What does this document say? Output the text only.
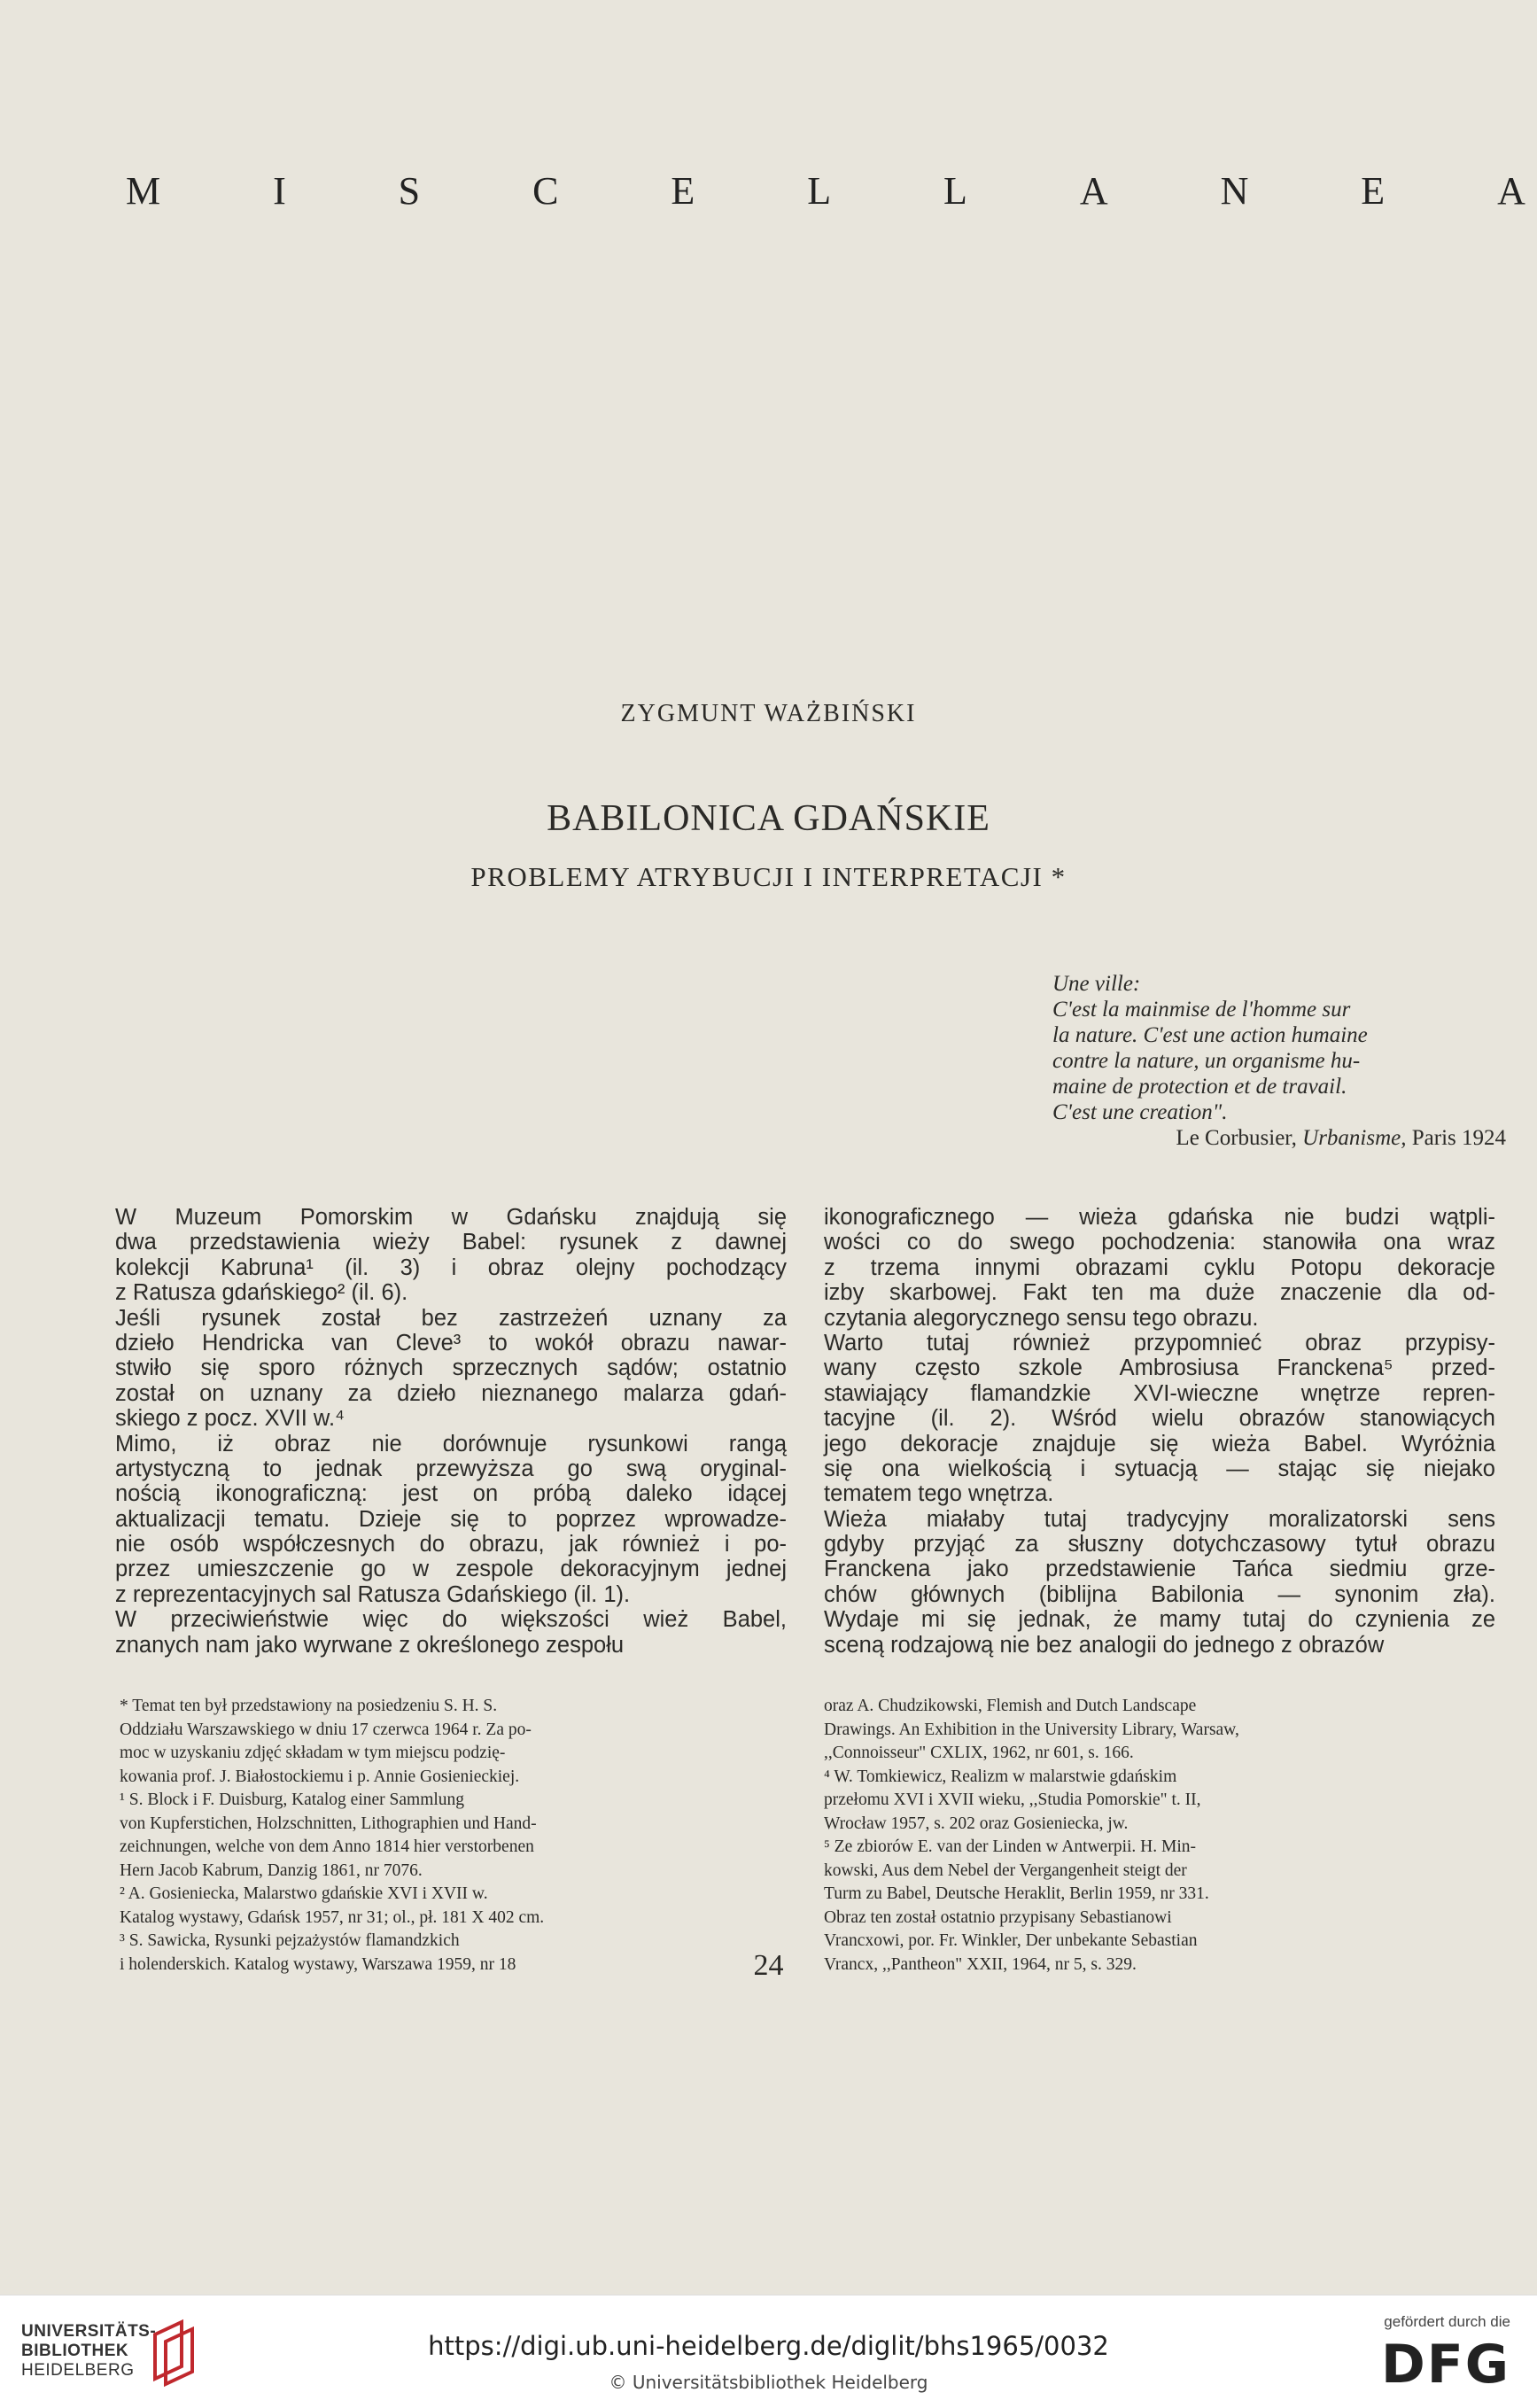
M	I	S	C	E	L	L	A	N	E	A
ZYGMUNT WAŻBIŃSKI
BABILONICA GDAŃSKIE
PROBLEMY ATRYBUCJI I INTERPRETACJI *
Une ville:
C'est la mainmise de l'homme sur
la nature. C'est une action humaine
contre la nature, un organisme hu-
maine de protection et de travail.
C'est une creation".
Le Corbusier, Urbanisme, Paris 1924
W Muzeum Pomorskim w Gdańsku znajdują się
dwa przedstawienia wieży Babel: rysunek z dawnej
kolekcji Kabruna¹ (il. 3) i obraz olejny pochodzący
z Ratusza gdańskiego² (il. 6).
Jeśli rysunek został bez zastrzeżeń uznany za
dzieło Hendricka van Cleve³ to wokół obrazu nawar-
stwiło się sporo różnych sprzecznych sądów; ostatnio
został on uznany za dzieło nieznanego malarza gdań-
skiego z pocz. XVII w.⁴
Mimo, iż obraz nie dorównuje rysunkowi rangą
artystyczną to jednak przewyższa go swą oryginal-
nością ikonograficzną: jest on próbą daleko idącej
aktualizacji tematu. Dzieje się to poprzez wprowadze-
nie osób współczesnych do obrazu, jak również i po-
przez umieszczenie go w zespole dekoracyjnym jednej
z reprezentacyjnych sal Ratusza Gdańskiego (il. 1).
W przeciwieństwie więc do większości wież Babel,
znanych nam jako wyrwane z określonego zespołu
ikonograficznego — wieża gdańska nie budzi wątpli-
wości co do swego pochodzenia: stanowiła ona wraz
z trzema innymi obrazami cyklu Potopu dekoracje
izby skarbowej. Fakt ten ma duże znaczenie dla od-
czytania alegorycznego sensu tego obrazu.
Warto tutaj również przypomnieć obraz przypisy-
wany często szkole Ambrosiusa Franckena⁵ przed-
stawiający flamandzkie XVI-wieczne wnętrze repren-
tacyjne (il. 2). Wśród wielu obrazów stanowiących
jego dekoracje znajduje się wieża Babel. Wyróżnia
się ona wielkością i sytuacją — stając się niejako
tematem tego wnętrza.
Wieża miałaby tutaj tradycyjny moralizatorski sens
gdyby przyjąć za słuszny dotychczasowy tytuł obrazu
Franckena jako przedstawienie Tańca siedmiu grze-
chów głównych (biblijna Babilonia — synonim zła).
Wydaje mi się jednak, że mamy tutaj do czynienia ze
sceną rodzajową nie bez analogii do jednego z obrazów
* Temat ten był przedstawiony na posiedzeniu S. H. S.
Oddziału Warszawskiego w dniu 17 czerwca 1964 r. Za po-
moc w uzyskaniu zdjęć składam w tym miejscu podzię-
kowania prof. J. Białostockiemu i p. Annie Gosienieckiej.
¹ S. Block i F. Duisburg, Katalog einer Sammlung
von Kupferstichen, Holzschnitten, Lithographien und Hand-
zeichnungen, welche von dem Anno 1814 hier verstorbenen
Hern Jacob Kabrum, Danzig 1861, nr 7076.
² A. Gosieniecka, Malarstwo gdańskie XVI i XVII w.
Katalog wystawy, Gdańsk 1957, nr 31; ol., pł. 181 X 402 cm.
³ S. Sawicka, Rysunki pejzażystów flamandzkich
i holenderskich. Katalog wystawy, Warszawa 1959, nr 18
oraz A. Chudzikowski, Flemish and Dutch Landscape
Drawings. An Exhibition in the University Library, Warsaw,
,,Connoisseur" CXLIX, 1962, nr 601, s. 166.
⁴ W. Tomkiewicz, Realizm w malarstwie gdańskim
przełomu XVI i XVII wieku, ,,Studia Pomorskie" t. II,
Wrocław 1957, s. 202 oraz Gosieniecka, jw.
⁵ Ze zbiorów E. van der Linden w Antwerpii. H. Min-
kowski, Aus dem Nebel der Vergangenheit steigt der
Turm zu Babel, Deutsche Heraklit, Berlin 1959, nr 331.
Obraz ten został ostatnio przypisany Sebastianowi
Vrancxowi, por. Fr. Winkler, Der unbekante Sebastian
Vrancx, ,,Pantheon" XXII, 1964, nr 5, s. 329.
24
UNIVERSITÄTS-
BIBLIOTHEK
HEIDELBERG
https://digi.ub.uni-heidelberg.de/diglit/bhs1965/0032
© Universitätsbibliothek Heidelberg
gefördert durch die
DFG
